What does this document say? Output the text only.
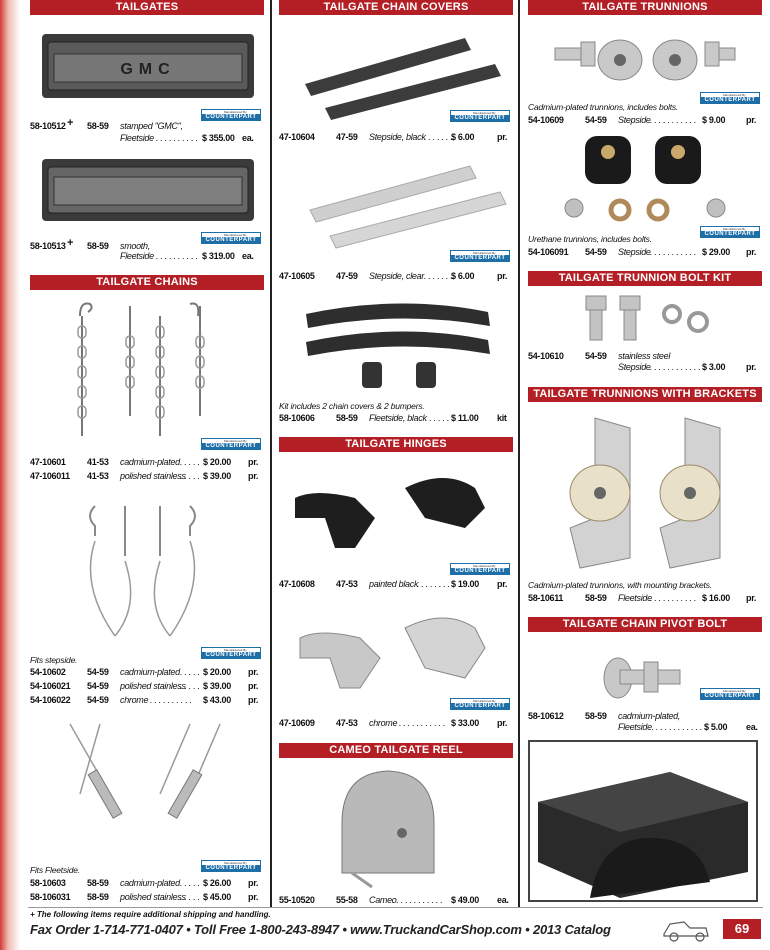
TAILGATES
GMC
Manufactured By
COUNTERPART
58-10512 + 58-59 stamped "GMC",
Fleetside . . . . . . . . . . $ 355.00 ea.
Manufactured By
COUNTERPART
58-10513 + 58-59 smooth,
Fleetside . . . . . . . . . . $ 319.00 ea.
TAILGATE CHAINS
Manufactured By
COUNTERPART
47-10601 41-53 cadmium-plated . . . . . $ 20.00 pr.
47-106011 41-53 polished stainless
. . . . . $ 39.00 pr.
Manufactured By
COUNTERPART
Fits stepside.
54-10602 54-59 cadmium-plated . . . . . $ 20.00 pr.
54-106021 54-59 polished stainless
. . . . . $ 39.00 pr.
54-106022 54-59 chrome . . . . . . . . . . $ 43.00 pr.
Manufactured By
COUNTERPART
Fits Fleetside.
58-10603 58-59 cadmium-plated . . . . . $ 26.00 pr.
58-106031 58-59 polished stainless
. . . . . $ 45.00 pr.
TAILGATE CHAIN COVERS
Manufactured By
COUNTERPART
47-10604 47-59 Stepside, black
. . . . . . .
$ 6.00	pr.
Manufactured By
COUNTERPART
47-10605 47-59 Stepside, clear . . . . . . .
$ 6.00	pr.
Kit includes 2 chain covers & 2 bumpers.
58-10606 58-59 Fleetside, black
. . . . . . $ 11.00 kit
TAILGATE HINGES
Manufactured By
COUNTERPART
47-10608 47-53 painted black
. . . . . . . . $ 19.00 pr.
Manufactured By
COUNTERPART
47-10609 47-53 chrome . . . . . . . . . . . $ 33.00 pr.
CAMEO TAILGATE REEL
55-10520 55-58 Cameo
. . . . . . . . . . . . $ 49.00 ea.
TAILGATE TRUNNIONS
Manufactured By
COUNTERPART
Cadmium-plated trunnions, includes bolts.
54-10609 54-59 Stepside . . . . . . . . . . . $ 9.00 pr.
Manufactured By
COUNTERPART
Urethane trunnions, includes bolts.
54-106091 54-59 Stepside . . . . . . . . . . . $ 29.00 pr.
TAILGATE TRUNNION BOLT KIT
54-10610 54-59 stainless steel
Stepside . . . . . . . . . . . . $ 3.00 pr.
TAILGATE TRUNNIONS WITH BRACKETS
Cadmium-plated trunnions, with mounting brackets.
58-10611 58-59 Fleetside
. . . . . . . . . . . $ 16.00 pr.
TAILGATE CHAIN PIVOT BOLT
Manufactured By
COUNTERPART
58-10612 58-59 cadmium-plated,
Fleetside. . . . . . . . . . . . $ 5.00 ea.
+ The following items require additional shipping and handling.
Fax Order 1-714-771-0407 • Toll Free 1-800-243-8947 • www.TruckandCarShop.com • 2013 Catalog	69
